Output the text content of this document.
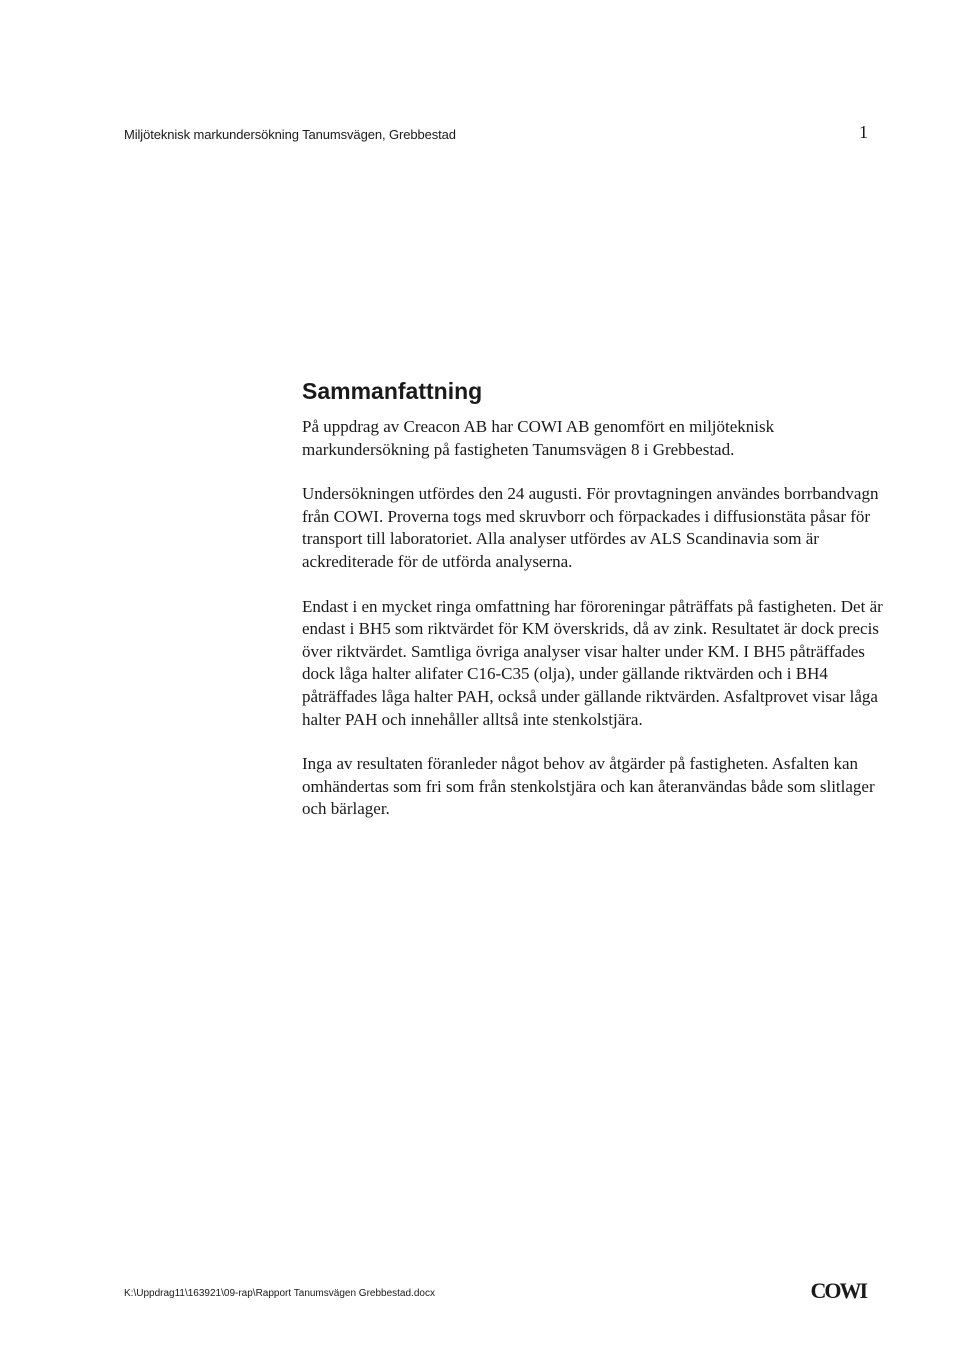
Miljöteknisk markundersökning Tanumsvägen, Grebbestad	1
Sammanfattning

På uppdrag av Creacon AB har COWI AB genomfört en miljöteknisk markundersökning på fastigheten Tanumsvägen 8 i Grebbestad.

Undersökningen utfördes den 24 augusti. För provtagningen användes borrbandvagn från COWI. Proverna togs med skruvborr och förpackades i diffusionstäta påsar för transport till laboratoriet. Alla analyser utfördes av ALS Scandinavia som är ackrediterade för de utförda analyserna.

Endast i en mycket ringa omfattning har föroreningar påträffats på fastigheten. Det är endast i BH5 som riktvärdet för KM överskrids, då av zink. Resultatet är dock precis över riktvärdet. Samtliga övriga analyser visar halter under KM. I BH5 påträffades dock låga halter alifater C16-C35 (olja), under gällande riktvärden och i BH4 påträffades låga halter PAH, också under gällande riktvärden. Asfaltprovet visar låga halter PAH och innehåller alltså inte stenkolstjära.

Inga av resultaten föranleder något behov av åtgärder på fastigheten. Asfalten kan omhändertas som fri som från stenkolstjära och kan återanvändas både som slitlager och bärlager.

K:\Uppdrag11\163921\09-rap\Rapport Tanumsvägen Grebbestad.docx	COWI
